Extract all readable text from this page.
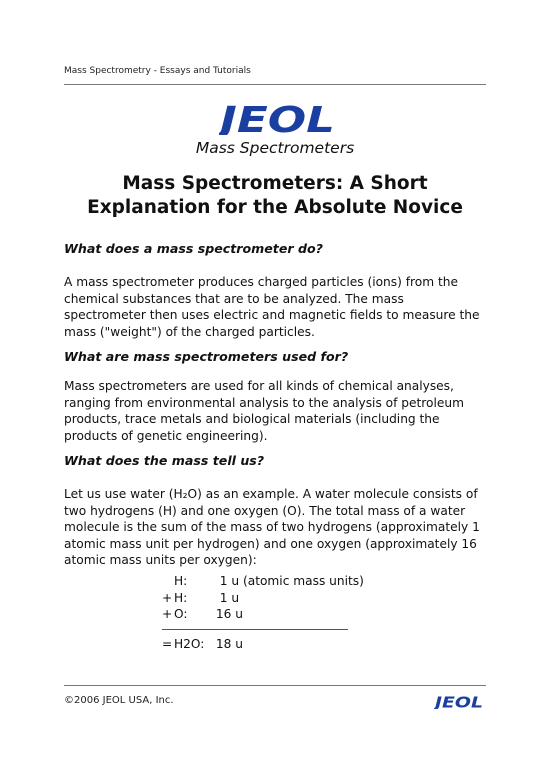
Mass Spectrometry - Essays and Tutorials
JEOL
Mass Spectrometers
Mass Spectrometers: A Short
Explanation for the Absolute Novice

What does a mass spectrometer do?

A mass spectrometer produces charged particles (ions) from the chemical substances that are to be analyzed. The mass spectrometer then uses electric and magnetic fields to measure the mass ("weight") of the charged particles.

What are mass spectrometers used for?

Mass spectrometers are used for all kinds of chemical analyses, ranging from environmental analysis to the analysis of petroleum products, trace metals and biological materials (including the products of genetic engineering).

What does the mass tell us?

Let us use water (H₂O) as an example. A water molecule consists of two hydrogens (H) and one oxygen (O). The total mass of a water molecule is the sum of the mass of two hydrogens (approximately 1 atomic mass unit per hydrogen) and one oxygen (approximately 16 atomic mass units per oxygen):

H:	1 u (atomic mass units)
+ H:	1 u
+ O:	16 u
= H2O: 18 u
©2006 JEOL USA, Inc.	JEOL
